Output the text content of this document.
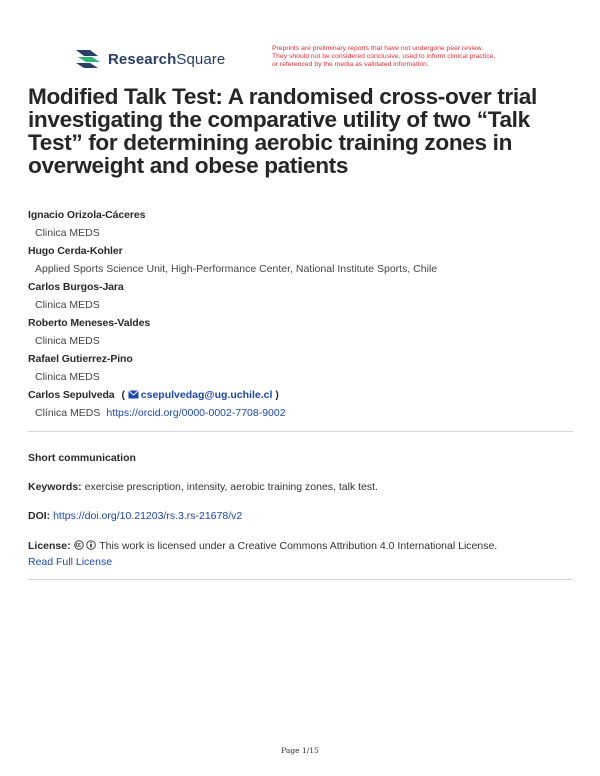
ResearchSquare
Preprints are preliminary reports that have not undergone peer review.
They should not be considered conclusive, used to inform clinical practice,
or referenced by the media as validated information.
Modified Talk Test: A randomised cross-over trial investigating the comparative utility of two “Talk Test” for determining aerobic training zones in overweight and obese patients
Ignacio Orizola-Cáceres
Clinica MEDS
Hugo Cerda-Kohler
Applied Sports Science Unit, High-Performance Center, National Institute Sports, Chile
Carlos Burgos-Jara
Clinica MEDS
Roberto Meneses-Valdes
Clinica MEDS
Rafael Gutierrez-Pino
Clinica MEDS
Carlos Sepulveda ( csepulvedag@ug.uchile.cl )
Clínica MEDS https://orcid.org/0000-0002-7708-9002
Short communication
Keywords: exercise prescription, intensity, aerobic training zones, talk test.
DOI: https://doi.org/10.21203/rs.3.rs-21678/v2
License:	This work is licensed under a Creative Commons Attribution 4.0 International License.
Read Full License
Page 1/15
